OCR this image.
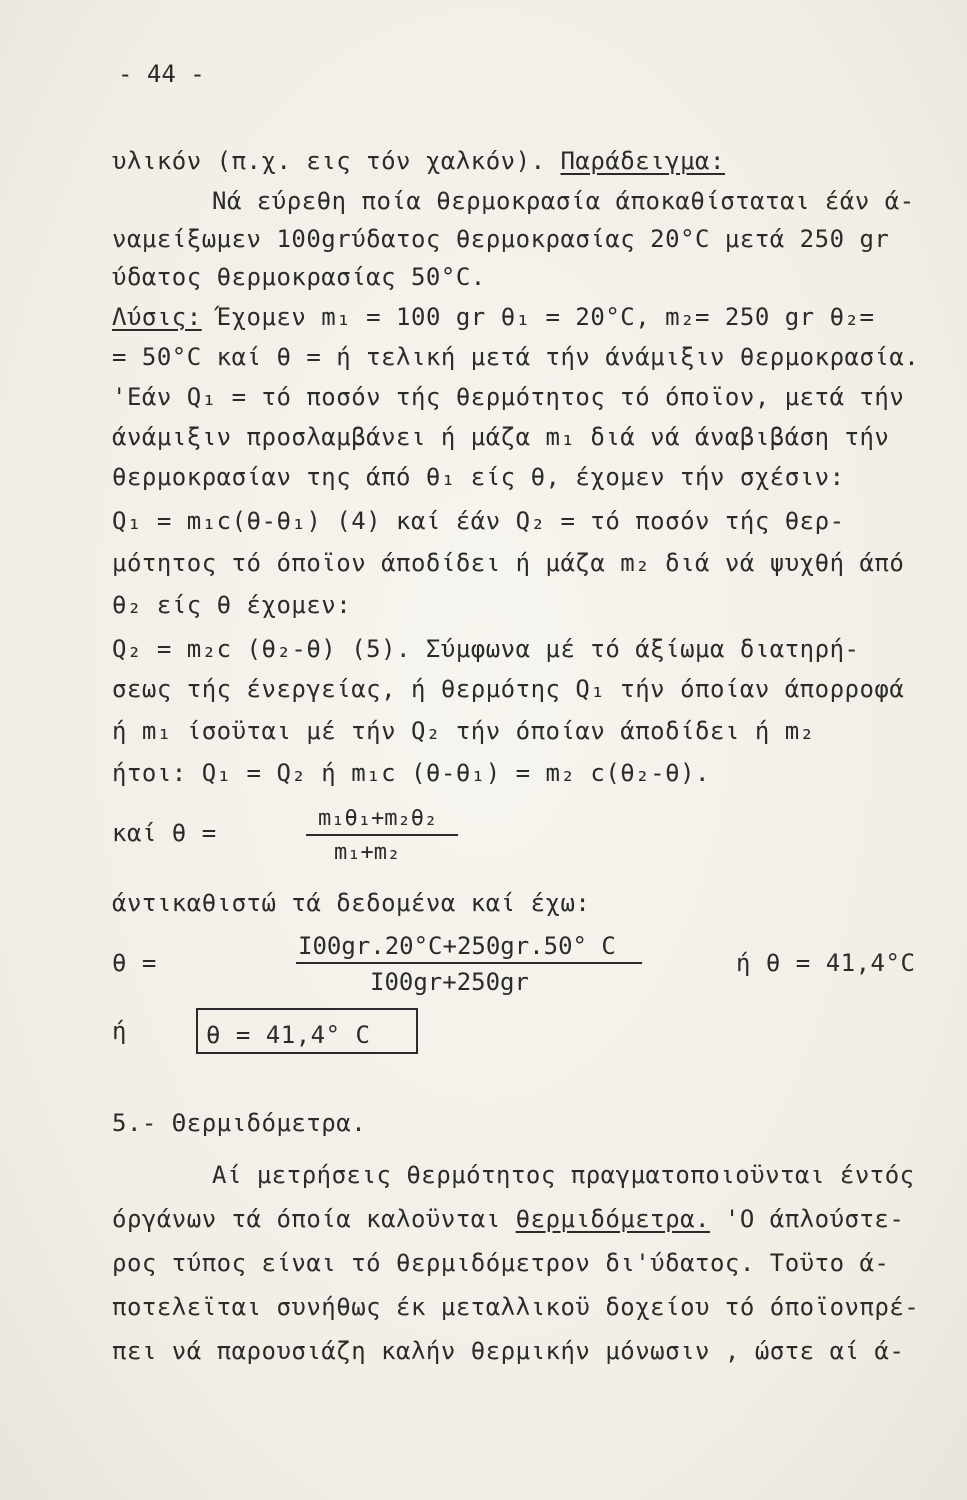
- 44 -
υλικόν (π.χ. εις τόν χαλκόν). Παράδειγμα:
Νά εύρεθη ποία θερμοκρασία άποκαθίσταται έάν ά-
ναμείξωμεν 100grύδατος θερμοκρασίας 20°C μετά 250 gr
ύδατος θερμοκρασίας 50°C.
Λύσις: Έχομεν m₁ = 100 gr θ₁ = 20°C, m₂= 250 gr θ₂=
= 50°C καί θ = ή τελική μετά τήν άνάμιξιν θερμοκρασία.
'Εάν Q₁ = τό ποσόν τής θερμότητος τό όποϊον, μετά τήν
άνάμιξιν προσλαμβάνει ή μάζα m₁ διά νά άναβιβάση τήν
θερμοκρασίαν της άπό θ₁ είς θ, έχομεν τήν σχέσιν:
Q₁ = m₁c(θ-θ₁) (4) καί έάν Q₂ = τό ποσόν τής θερ-
μότητος τό όποϊον άποδίδει ή μάζα m₂ διά νά ψυχθή άπό
θ₂ είς θ έχομεν:
Q₂ = m₂c (θ₂-θ) (5). Σύμφωνα μέ τό άξίωμα διατηρή-
σεως τής ένεργείας, ή θερμότης Q₁ τήν όποίαν άπορροφά
ή m₁ ίσοϋται μέ τήν Q₂ τήν όποίαν άποδίδει ή m₂
ήτοι: Q₁ = Q₂ ή m₁c (θ-θ₁) = m₂ c(θ₂-θ).
καί θ =
m₁θ₁+m₂θ₂
m₁+m₂
άντικαθιστώ τά δεδομένα καί έχω:
θ =
I00gr.20°C+250gr.50° C
I00gr+250gr
ή θ = 41,4°C
ή	θ = 41,4° C
5.- Θερμιδόμετρα.
Αί μετρήσεις θερμότητος πραγματοποιοϋνται έντός
όργάνων τά όποία καλοϋνται θερμιδόμετρα. 'Ο άπλούστε-
ρος τύπος είναι τό θερμιδόμετρον δι'ύδατος. Τοϋτο ά-
ποτελεϊται συνήθως έκ μεταλλικοϋ δοχείου τό όποϊονπρέ-
πει νά παρουσιάζη καλήν θερμικήν μόνωσιν , ώστε αί ά-
